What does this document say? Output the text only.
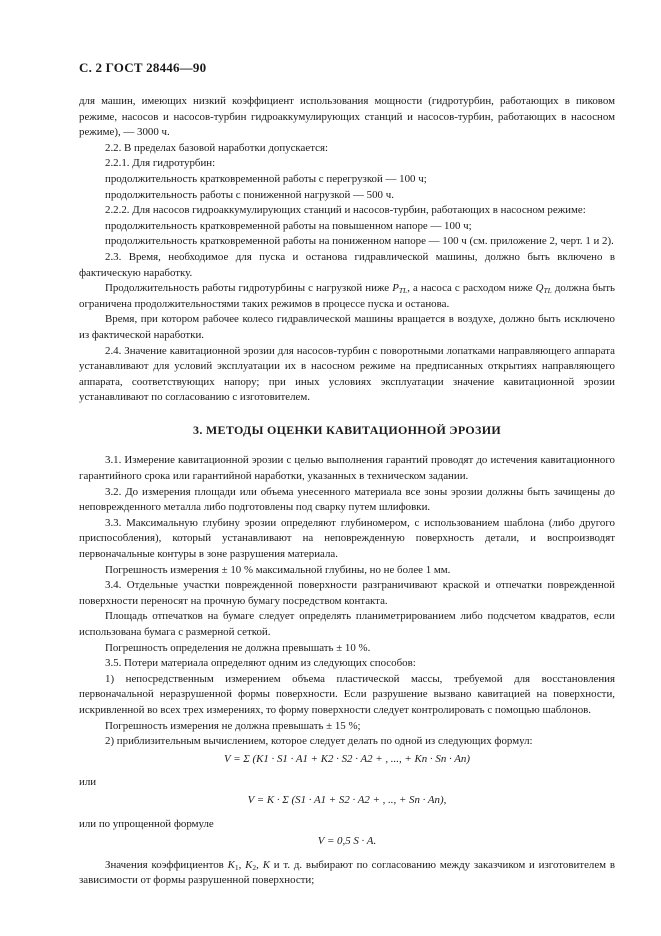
С. 2 ГОСТ 28446—90

для машин, имеющих низкий коэффициент использования мощности (гидротурбин, работающих в пиковом режиме, насосов и насосов-турбин гидроаккумулирующих станций и насосов-турбин, работающих в насосном режиме), — 3000 ч.

2.2. В пределах базовой наработки допускается:

2.2.1. Для гидротурбин:

продолжительность кратковременной работы с перегрузкой — 100 ч;

продолжительность работы с пониженной нагрузкой — 500 ч.

2.2.2. Для насосов гидроаккумулирующих станций и насосов-турбин, работающих в насосном режиме:

продолжительность кратковременной работы на повышенном напоре — 100 ч;

продолжительность кратковременной работы на пониженном напоре — 100 ч (см. приложение 2, черт. 1 и 2).

2.3. Время, необходимое для пуска и останова гидравлической машины, должно быть включено в фактическую наработку.

Продолжительность работы гидротурбины с нагрузкой ниже $P_{TL}$, а насоса с расходом ниже $Q_{TL}$ должна быть ограничена продолжительностями таких режимов в процессе пуска и останова.

Время, при котором рабочее колесо гидравлической машины вращается в воздухе, должно быть исключено из фактической наработки.

2.4. Значение кавитационной эрозии для насосов-турбин с поворотными лопатками направляющего аппарата устанавливают для условий эксплуатации их в насосном режиме на предписанных открытиях направляющего аппарата, соответствующих напору; при иных условиях эксплуатации значение кавитационной эрозии устанавливают по согласованию с изготовителем.

3. МЕТОДЫ ОЦЕНКИ КАВИТАЦИОННОЙ ЭРОЗИИ

3.1. Измерение кавитационной эрозии с целью выполнения гарантий проводят до истечения кавитационного гарантийного срока или гарантийной наработки, указанных в техническом задании.

3.2. До измерения площади или объема унесенного материала все зоны эрозии должны быть зачищены до неповрежденного металла либо подготовлены под сварку путем шлифовки.

3.3. Максимальную глубину эрозии определяют глубиномером, с использованием шаблона (либо другого приспособления), который устанавливают на неповрежденную поверхность детали, и воспроизводят первоначальные контуры в зоне разрушения материала.

Погрешность измерения ± 10 % максимальной глубины, но не более 1 мм.

3.4. Отдельные участки поврежденной поверхности разграничивают краской и отпечатки поврежденной поверхности переносят на прочную бумагу посредством контакта.

Площадь отпечатков на бумаге следует определять планиметрированием либо подсчетом квадратов, если использована бумага с размерной сеткой.

Погрешность определения не должна превышать ± 10 %.

3.5. Потери материала определяют одним из следующих способов:

1) непосредственным измерением объема пластической массы, требуемой для восстановления первоначальной неразрушенной формы поверхности. Если разрушение вызвано кавитацией на поверхности, искривленной во всех трех измерениях, то форму поверхности следует контролировать с помощью шаблонов.

Погрешность измерения не должна превышать ± 15 %;

2) приблизительным вычислением, которое следует делать по одной из следующих формул:

V = Σ (K1 · S1 · A1 + K2 · S2 · A2 + , ..., + Kn · Sn · An)

или

V = K · Σ (S1 · A1 + S2 · A2 + , .., + Sn · An),

или по упрощенной формуле

V = 0,5 S · A.

Значения коэффициентов $K_1$, $K_2$, K и т. д. выбирают по согласованию между заказчиком и изготовителем в зависимости от формы разрушенной поверхности;
